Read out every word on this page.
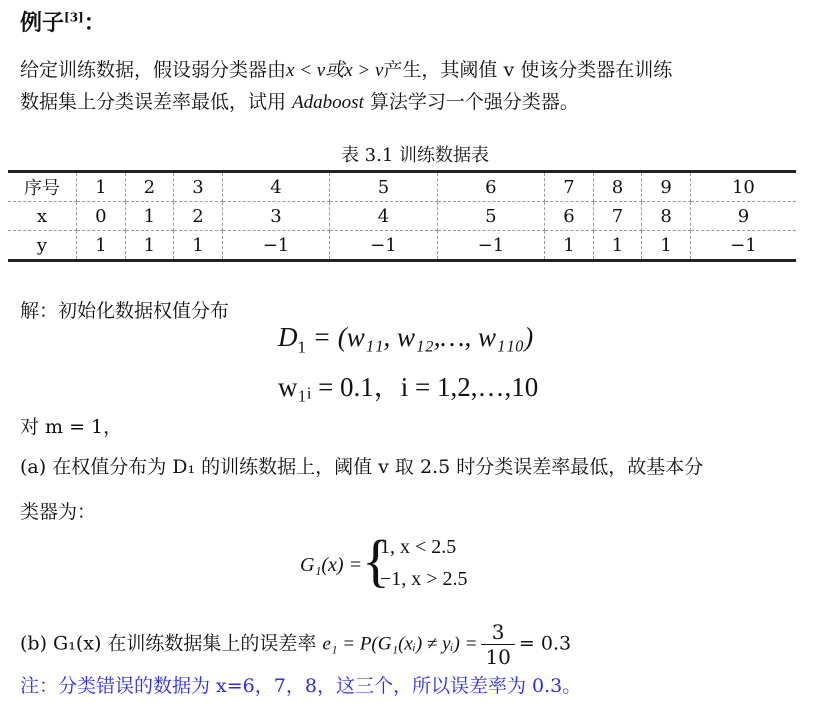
例子[3]：
给定训练数据，假设弱分类器由x < v或x > v产生，其阈值 v 使该分类器在训练
数据集上分类误差率最低，试用 Adaboost 算法学习一个强分类器。
表 3.1 训练数据表
序号	1	2	3	4	5	6	7	8	9	10
x	0	1	2	3	4	5	6	7	8	9
y	1	1	1	−1	−1	−1	1	1	1	−1
解：初始化数据权值分布
$D_1 = (w_{11}$, w₁₂,…, w₁₁₀)
w₁ᵢ = 0.1，i = 1,2,…,10
对 m = 1，
(a) 在权值分布为 D₁ 的训练数据上，阈值 v 取 2.5 时分类误差率最低，故基本分
类器为：
G₁(x) = {
1, x < 2.5
−1, x > 2.5
(b) G₁(x) 在训练数据集上的误差率 e₁ = P(G₁(xᵢ) ≠ yᵢ) = $\frac{3}{10} = 0.3$
注：分类错误的数据为 x=6，7，8，这三个，所以误差率为 0.3。
